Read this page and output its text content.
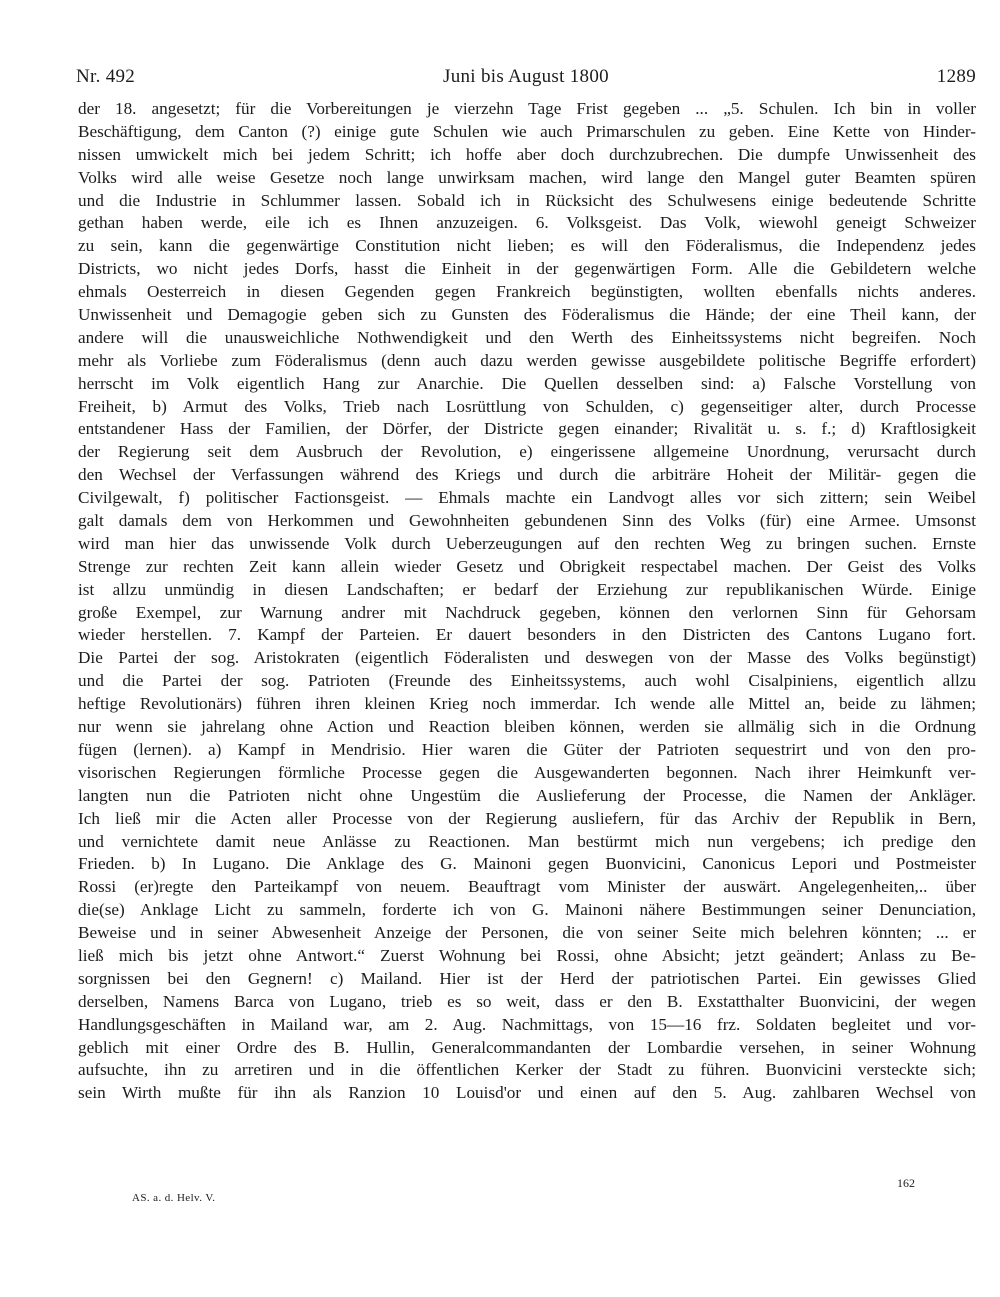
Nr. 492	Juni bis August 1800	1289
der 18. angesetzt; für die Vorbereitungen je vierzehn Tage Frist gegeben ... „5. Schulen. Ich bin in voller
Beschäftigung, dem Canton (?) einige gute Schulen wie auch Primarschulen zu geben. Eine Kette von Hinder-
nissen umwickelt mich bei jedem Schritt; ich hoffe aber doch durchzubrechen. Die dumpfe Unwissenheit des
Volks wird alle weise Gesetze noch lange unwirksam machen, wird lange den Mangel guter Beamten spüren
und die Industrie in Schlummer lassen. Sobald ich in Rücksicht des Schulwesens einige bedeutende Schritte
gethan haben werde, eile ich es Ihnen anzuzeigen. 6. Volksgeist. Das Volk, wiewohl geneigt Schweizer
zu sein, kann die gegenwärtige Constitution nicht lieben; es will den Föderalismus, die Independenz jedes
Districts, wo nicht jedes Dorfs, hasst die Einheit in der gegenwärtigen Form. Alle die Gebildetern welche
ehmals Oesterreich in diesen Gegenden gegen Frankreich begünstigten, wollten ebenfalls nichts anderes.
Unwissenheit und Demagogie geben sich zu Gunsten des Föderalismus die Hände; der eine Theil kann, der
andere will die unausweichliche Nothwendigkeit und den Werth des Einheitssystems nicht begreifen. Noch
mehr als Vorliebe zum Föderalismus (denn auch dazu werden gewisse ausgebildete politische Begriffe erfordert)
herrscht im Volk eigentlich Hang zur Anarchie. Die Quellen desselben sind: a) Falsche Vorstellung von
Freiheit, b) Armut des Volks, Trieb nach Losrüttlung von Schulden, c) gegenseitiger alter, durch Processe
entstandener Hass der Familien, der Dörfer, der Districte gegen einander; Rivalität u. s. f.; d) Kraftlosigkeit
der Regierung seit dem Ausbruch der Revolution, e) eingerissene allgemeine Unordnung, verursacht durch
den Wechsel der Verfassungen während des Kriegs und durch die arbiträre Hoheit der Militär- gegen die
Civilgewalt, f) politischer Factionsgeist. — Ehmals machte ein Landvogt alles vor sich zittern; sein Weibel
galt damals dem von Herkommen und Gewohnheiten gebundenen Sinn des Volks (für) eine Armee. Umsonst
wird man hier das unwissende Volk durch Ueberzeugungen auf den rechten Weg zu bringen suchen. Ernste
Strenge zur rechten Zeit kann allein wieder Gesetz und Obrigkeit respectabel machen. Der Geist des Volks
ist allzu unmündig in diesen Landschaften; er bedarf der Erziehung zur republikanischen Würde. Einige
große Exempel, zur Warnung andrer mit Nachdruck gegeben, können den verlornen Sinn für Gehorsam
wieder herstellen. 7. Kampf der Parteien. Er dauert besonders in den Districten des Cantons Lugano fort.
Die Partei der sog. Aristokraten (eigentlich Föderalisten und deswegen von der Masse des Volks begünstigt)
und die Partei der sog. Patrioten (Freunde des Einheitssystems, auch wohl Cisalpiniens, eigentlich allzu
heftige Revolutionärs) führen ihren kleinen Krieg noch immerdar. Ich wende alle Mittel an, beide zu lähmen;
nur wenn sie jahrelang ohne Action und Reaction bleiben können, werden sie allmälig sich in die Ordnung
fügen (lernen). a) Kampf in Mendrisio. Hier waren die Güter der Patrioten sequestrirt und von den pro-
visorischen Regierungen förmliche Processe gegen die Ausgewanderten begonnen. Nach ihrer Heimkunft ver-
langten nun die Patrioten nicht ohne Ungestüm die Auslieferung der Processe, die Namen der Ankläger.
Ich ließ mir die Acten aller Processe von der Regierung ausliefern, für das Archiv der Republik in Bern,
und vernichtete damit neue Anlässe zu Reactionen. Man bestürmt mich nun vergebens; ich predige den
Frieden. b) In Lugano. Die Anklage des G. Mainoni gegen Buonvicini, Canonicus Lepori und Postmeister
Rossi (er)regte den Parteikampf von neuem. Beauftragt vom Minister der auswärt. Angelegenheiten,.. über
die(se) Anklage Licht zu sammeln, forderte ich von G. Mainoni nähere Bestimmungen seiner Denunciation,
Beweise und in seiner Abwesenheit Anzeige der Personen, die von seiner Seite mich belehren könnten; ... er
ließ mich bis jetzt ohne Antwort.“ Zuerst Wohnung bei Rossi, ohne Absicht; jetzt geändert; Anlass zu Be-
sorgnissen bei den Gegnern! c) Mailand. Hier ist der Herd der patriotischen Partei. Ein gewisses Glied
derselben, Namens Barca von Lugano, trieb es so weit, dass er den B. Exstatthalter Buonvicini, der wegen
Handlungsgeschäften in Mailand war, am 2. Aug. Nachmittags, von 15—16 frz. Soldaten begleitet und vor-
geblich mit einer Ordre des B. Hullin, Generalcommandanten der Lombardie versehen, in seiner Wohnung
aufsuchte, ihn zu arretiren und in die öffentlichen Kerker der Stadt zu führen. Buonvicini versteckte sich;
sein Wirth mußte für ihn als Ranzion 10 Louisd'or und einen auf den 5. Aug. zahlbaren Wechsel von
162
AS. a. d. Helv. V.
